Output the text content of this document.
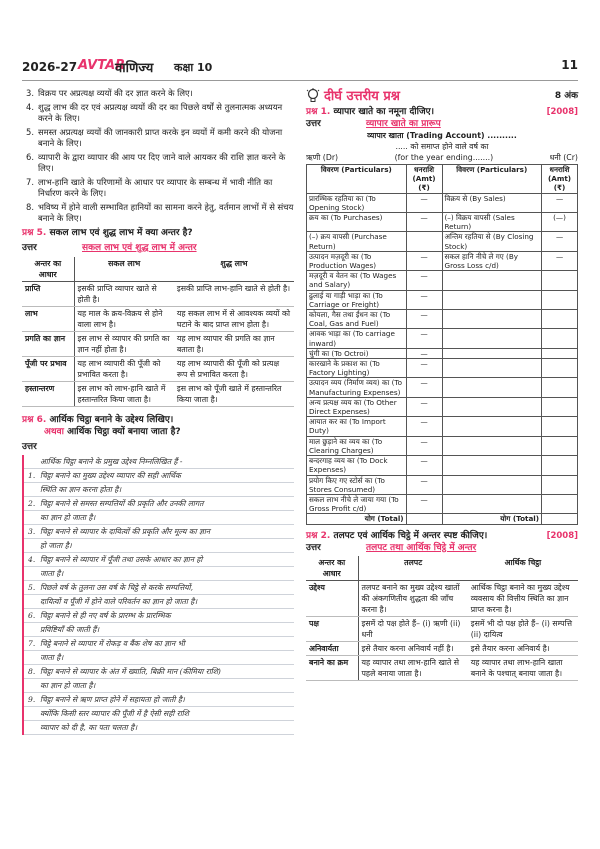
2026-27 AVTAR
वाणिज्य कक्षा 10	11
3. विक्रय पर अप्रत्यक्ष व्ययों की दर ज्ञात करने के लिए।
4. शुद्ध लाभ की दर एवं अप्रत्यक्ष व्ययों की दर का पिछले वर्षों से तुलनात्मक अध्ययन करने के लिए।
5. समस्त अप्रत्यक्ष व्ययों की जानकारी प्राप्त करके इन व्ययों में कमी करने की योजना बनाने के लिए।
6. व्यापारी के द्वारा व्यापार की आय पर दिए जाने वाले आयकर की राशि ज्ञात करने के लिए।
7. लाभ-हानि खाते के परिणामों के आधार पर व्यापार के सम्बन्ध में भावी नीति का निर्धारण करने के लिए।
8. भविष्य में होने वाली सम्भावित हानियों का सामना करने हेतु, वर्तमान लाभों में से संचय बनाने के लिए।
प्रश्न 5. सकल लाभ एवं शुद्ध लाभ में क्या अन्तर है?
उत्तर	सकल लाभ एवं शुद्ध लाभ में अन्तर
अन्तर का आधार	सकल लाभ	शुद्ध लाभ
प्राप्ति	इसकी प्राप्ति व्यापार खाते से होती है।	इसकी प्राप्ति लाभ-हानि खाते से होती है।
लाभ	यह माल के क्रय-विक्रय से होने वाला लाभ है।	यह सकल लाभ में से आवश्यक व्ययों को घटाने के बाद प्राप्त लाभ होता है।
प्रगति का ज्ञान	इस लाभ से व्यापार की प्रगति का ज्ञान नहीं होता है।	यह लाभ व्यापार की प्रगति का ज्ञान बताता है।
पूँजी पर प्रभाव	यह लाभ व्यापारी की पूँजी को प्रभावित करता है।	यह लाभ व्यापारी की पूँजी को प्रत्यक्ष रूप से प्रभावित करता है।
हस्तान्तरण	इस लाभ को लाभ-हानि खाते में हस्तान्तरित किया जाता है।	इस लाभ को पूँजी खाते में हस्तान्तरित किया जाता है।
प्रश्न 6. आर्थिक चिट्ठा बनाने के उद्देश्य लिखिए।
अथवा आर्थिक चिट्ठा क्यों बनाया जाता है?
उत्तर
आर्थिक चिट्ठा बनाने के प्रमुख उद्देश्य निम्नलिखित हैं -
1. चिट्ठा बनाने का मुख्य उद्देश्य व्यापार की सही आर्थिक
स्थिति का ज्ञान करना होता है।
2. चिट्ठा बनाने से समस्त सम्पत्तियों की प्रकृति और उनकी लागत
का ज्ञान हो जाता है।
3. चिट्ठा बनाने से व्यापार के दायित्वों की प्रकृति और मूल्य का ज्ञान
हो जाता है।
4. चिट्ठा बनाने से व्यापार में पूँजी तथा उसके आधार का ज्ञान हो
जाता है।
5. पिछले वर्ष के तुलना उस वर्ष के चिट्ठे से करके सम्पत्तियों,
दायित्वों व पूँजी में होने वाले परिवर्तन का ज्ञान हो जाता है।
6. चिट्ठा बनाने से ही नए वर्ष के प्रारम्भ के प्रारम्भिक
प्रविष्टियाँ की जाती हैं।
7. चिट्ठे बनाने से व्यापार में रोकड़ व बैंक शेष का ज्ञान भी
जाता है।
8. चिट्ठा बनाने से व्यापार के अंत में ख्याति, बिक्री मान (कीमिया राशि)
का ज्ञान हो जाता है।
9. चिट्ठा बनाने से ऋण प्राप्त होने में सहायता हो जाती है।
क्योंकि किसी स्तर व्यापार की पूँजी में है ऐसी सही राशि
व्यापार को दी है, का पता चलता है।
दीर्घ उत्तरीय प्रश्न	8 अंक
प्रश्न 1. व्यापार खाते का नमूना दीजिए।	[2008]
उत्तर	व्यापार खाते का प्रारूप
व्यापार खाता (Trading Account) ..........
..... को समाप्त होने वाले वर्ष का
ऋणी (Dr)	(for the year ending.......)	धनी (Cr)
विवरण (Particulars)	धनराशि (Amt) (₹)	विवरण (Particulars)	धनराशि (Amt) (₹)
प्रारम्भिक रहतिया का (To Opening Stock)	—	विक्रय से (By Sales)	—
क्रय का (To Purchases)	—	(–) विक्रय वापसी (Sales Return)	(—)
(–) क्रय वापसी (Purchase Return)		अन्तिम रहतिया से (By Closing Stock)	—
उत्पादन मज़दूरी का (To Production Wages)	—	सकल हानि नीचे ले गए (By Gross Loss c/d)	—
मज़दूरी व वेतन का (To Wages and Salary)	—		
ढुलाई या गाड़ी भाड़ा का (To Carriage or Freight)	—		
कोयला, गैस तथा ईंधन का (To Coal, Gas and Fuel)	—		
आवक भाड़ा का (To carriage inward)	—		
चुंगी का (To Octroi)	—		
कारखाने के प्रकाश का (To Factory Lighting)	—		
उत्पादन व्यय (निर्माण व्यय) का (To Manufacturing Expenses)	—		
अन्य प्रत्यक्ष व्यय का (To Other Direct Expenses)	—		
आयात कर का (To Import Duty)	—		
माल छुड़ाने का व्यय का (To Clearing Charges)	—		
बन्दरगाह व्यय का (To Dock Expenses)	—		
प्रयोग किए गए स्टोर्स का (To Stores Consumed)	—		
सकल लाभ नीचे ले जाया गया (To Gross Profit c/d)	—		
योग (Total)		योग (Total)	
प्रश्न 2. तलपट एवं आर्थिक चिट्ठे में अन्तर स्पष्ट कीजिए।	[2008]
उत्तर	तलपट तथा आर्थिक चिट्ठे में अन्तर
अन्तर का आधार	तलपट	आर्थिक चिट्ठा
उद्देश्य	तलपट बनाने का मुख्य उद्देश्य खातों की अंकगणितीय शुद्धता की जाँच करना है।	आर्थिक चिट्ठा बनाने का मुख्य उद्देश्य व्यवसाय की वित्तीय स्थिति का ज्ञान प्राप्त करना है।
पक्ष	इसमें दो पक्ष होते हैं– (i) ऋणी (ii) धनी	इसमें भी दो पक्ष होते हैं– (i) सम्पत्ति (ii) दायित्व
अनिवार्यता	इसे तैयार करना अनिवार्य नहीं है।	इसे तैयार करना अनिवार्य है।
बनाने का क्रम	यह व्यापार तथा लाभ-हानि खाते से पहले बनाया जाता है।	यह व्यापार तथा लाभ-हानि खाता बनाने के पश्चात् बनाया जाता है।
